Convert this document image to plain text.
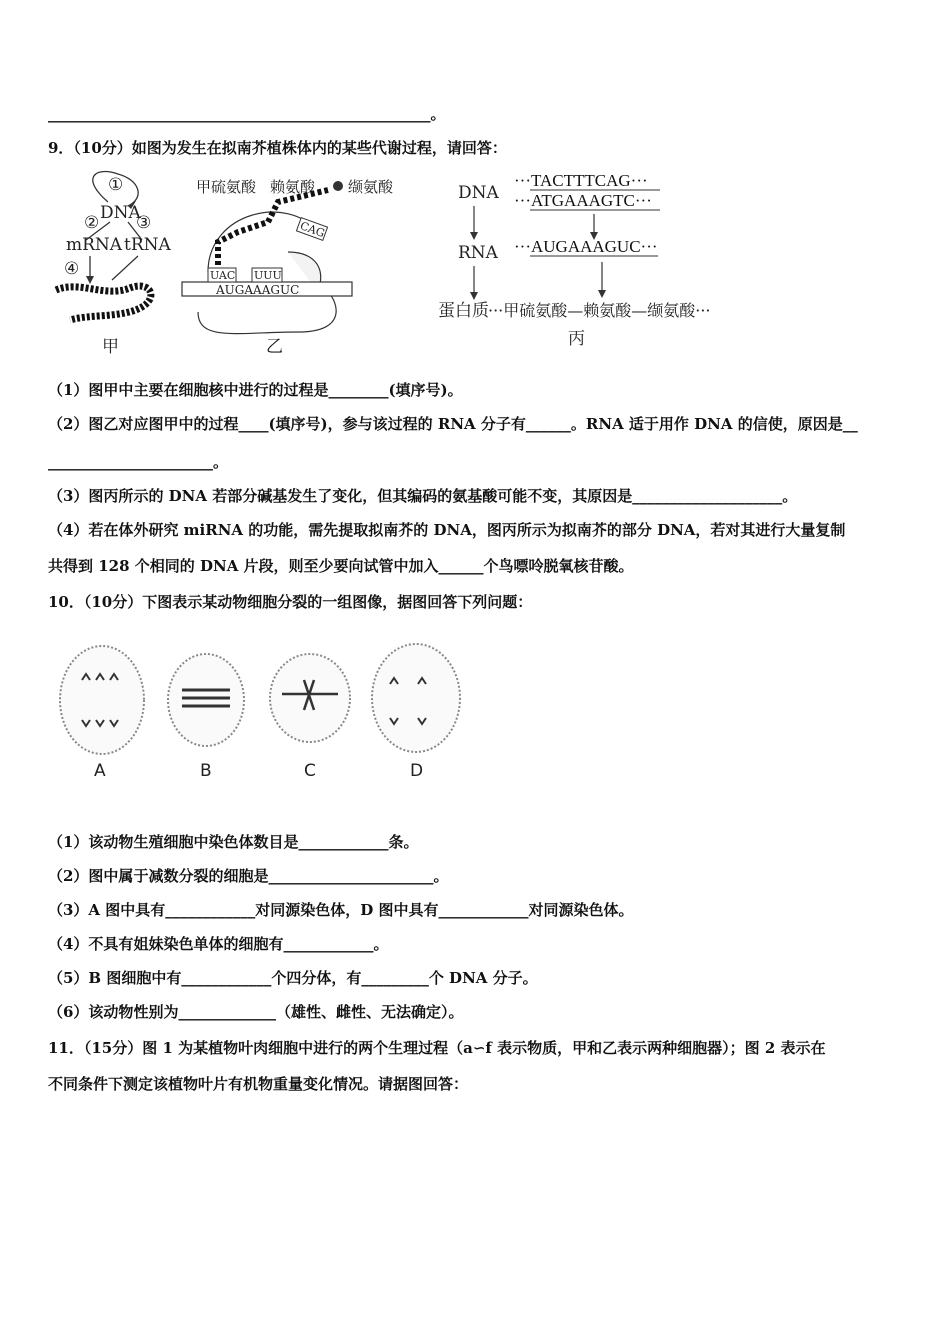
___________________________________________________。
9．（10分）如图为发生在拟南芥植株体内的某些代谢过程，请回答：
①
DNA
② ③
mRNA tRNA
④
甲
甲硫氨酸 赖氨酸 缬氨酸
AUGAAAGUC
UAC UUU
CAG
乙
DNA
···TACTTTCAG···
···ATGAAAGTC···
RNA ···AUGAAAGUC···
蛋白质 ···甲硫氨酸—赖氨酸—缬氨酸···
丙
（1）图甲中主要在细胞核中进行的过程是________(填序号)。
（2）图乙对应图甲中的过程____(填序号)，参与该过程的 RNA 分子有______。RNA 适于用作 DNA 的信使，原因是__
______________________。
（3）图丙所示的 DNA 若部分碱基发生了变化，但其编码的氨基酸可能不变，其原因是____________________。
（4）若在体外研究 miRNA 的功能，需先提取拟南芥的 DNA，图丙所示为拟南芥的部分 DNA，若对其进行大量复制
共得到 128 个相同的 DNA 片段，则至少要向试管中加入______个鸟嘌呤脱氧核苷酸。
10．（10分）下图表示某动物细胞分裂的一组图像，据图回答下列问题：
A	B	C	D
（1）该动物生殖细胞中染色体数目是____________条。
（2）图中属于减数分裂的细胞是______________________。
（3）A 图中具有____________对同源染色体，D 图中具有____________对同源染色体。
（4）不具有姐妹染色单体的细胞有____________。
（5）B 图细胞中有____________个四分体，有_________个 DNA 分子。
（6）该动物性别为_____________（雄性、雌性、无法确定）。
11．（15分）图 1 为某植物叶肉细胞中进行的两个生理过程（a∽f 表示物质，甲和乙表示两种细胞器）；图 2 表示在
不同条件下测定该植物叶片有机物重量变化情况。请据图回答：
